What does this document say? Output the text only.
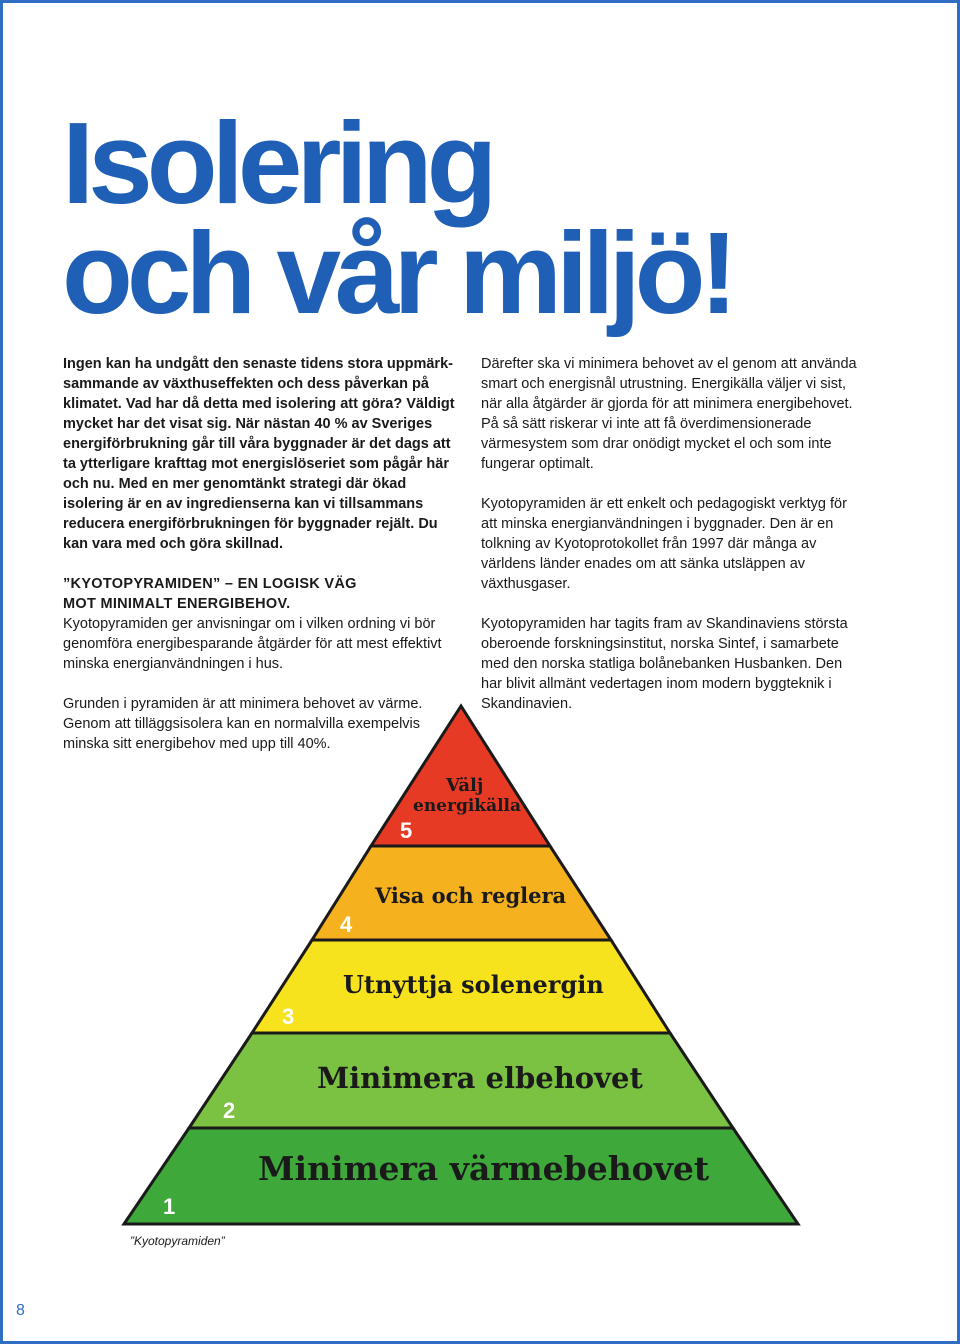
Isolering
och vår miljö!

Ingen kan ha undgått den senaste tidens stora uppmärk-sammande av växthuseffekten och dess påverkan på klimatet. Vad har då detta med isolering att göra? Väldigt mycket har det visat sig. När nästan 40 % av Sveriges energiförbrukning går till våra byggnader är det dags att ta ytterligare krafttag mot energislöseriet som pågår här och nu. Med en mer genomtänkt strategi där ökad isolering är en av ingredienserna kan vi tillsammans reducera energiförbrukningen för byggnader rejält. Du kan vara med och göra skillnad.

”KYOTOPYRAMIDEN” – EN LOGISK VÄG
MOT MINIMALT ENERGIBEHOV.

Kyotopyramiden ger anvisningar om i vilken ordning vi bör genomföra energibesparande åtgärder för att mest effektivt minska energianvändningen i hus.

Grunden i pyramiden är att minimera behovet av värme. Genom att tilläggsisolera kan en normalvilla exempelvis minska sitt energibehov med upp till 40%.

Därefter ska vi minimera behovet av el genom att använda smart och energisnål utrustning. Energikälla väljer vi sist, när alla åtgärder är gjorda för att minimera energibehovet. På så sätt riskerar vi inte att få överdimensionerade värmesystem som drar onödigt mycket el och som inte fungerar optimalt.

Kyotopyramiden är ett enkelt och pedagogiskt verktyg för att minska energianvändningen i byggnader. Den är en tolkning av Kyotoprotokollet från 1997 där många av världens länder enades om att sänka utsläppen av växthusgaser.

Kyotopyramiden har tagits fram av Skandinaviens största oberoende forskningsinstitut, norska Sintef, i samarbete med den norska statliga bolånebanken Husbanken. Den har blivit allmänt vedertagen inom modern byggteknik i Skandinavien.

Minimera värmebehovet
Minimera elbehovet
Utnyttja solenergin
Visa och reglera
Välj
energikälla
1
2
3
4
5
”Kyotopyramiden”
8
